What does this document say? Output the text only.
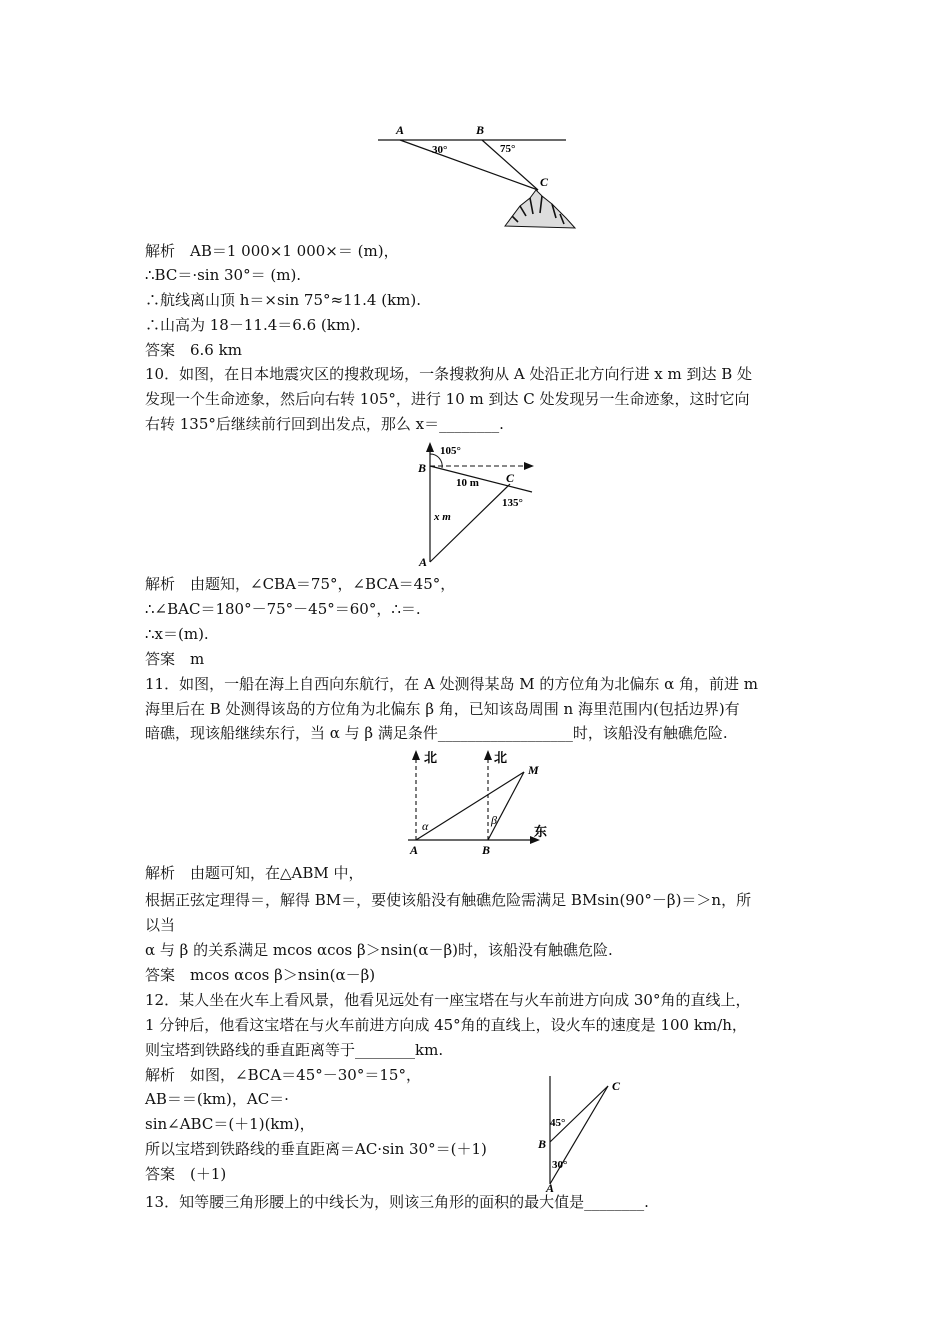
A	B
C
30°	75°
解析　AB＝1 000×1 000×＝ (m)，
∴BC＝·sin 30°＝ (m).
∴航线离山顶 h＝×sin 75°≈11.4 (km).
∴山高为 18－11.4＝6.6 (km).
答案　6.6 km
10．如图，在日本地震灾区的搜救现场，一条搜救狗从 A 处沿正北方向行进 x m 到达 B 处
发现一个生命迹象，然后向右转 105°，进行 10 m 到达 C 处发现另一生命迹象，这时它向
右转 135°后继续前行回到出发点，那么 x＝________.
105°
B
C
10 m
135°
x m
A
解析　由题知，∠CBA＝75°，∠BCA＝45°，
∴∠BAC＝180°－75°－45°＝60°，∴＝.
∴x＝(m).
答案　m
11．如图，一船在海上自西向东航行，在 A 处测得某岛 M 的方位角为北偏东 α 角，前进 m
海里后在 B 处测得该岛的方位角为北偏东 β 角，已知该岛周围 n 海里范围内(包括边界)有
暗礁，现该船继续东行，当 α 与 β 满足条件__________________时，该船没有触礁危险.
北	北
M
α	β
东
A	B
解析　由题可知，在△ABM 中，
根据正弦定理得＝，解得 BM＝，要使该船没有触礁危险需满足 BMsin(90°－β)＝＞n，所
以当
α 与 β 的关系满足 mcos αcos β＞nsin(α－β)时，该船没有触礁危险.
答案　mcos αcos β＞nsin(α－β)
12．某人坐在火车上看风景，他看见远处有一座宝塔在与火车前进方向成 30°角的直线上，
1 分钟后，他看这宝塔在与火车前进方向成 45°角的直线上，设火车的速度是 100 km/h，
则宝塔到铁路线的垂直距离等于________km.
解析　如图，∠BCA＝45°－30°＝15°，
AB＝＝(km)，AC＝·
sin∠ABC＝(＋1)(km)，
所以宝塔到铁路线的垂直距离＝AC·sin 30°＝(＋1)
答案　(＋1)
13．知等腰三角形腰上的中线长为，则该三角形的面积的最大值是________.
C
45°
B
30°
A
